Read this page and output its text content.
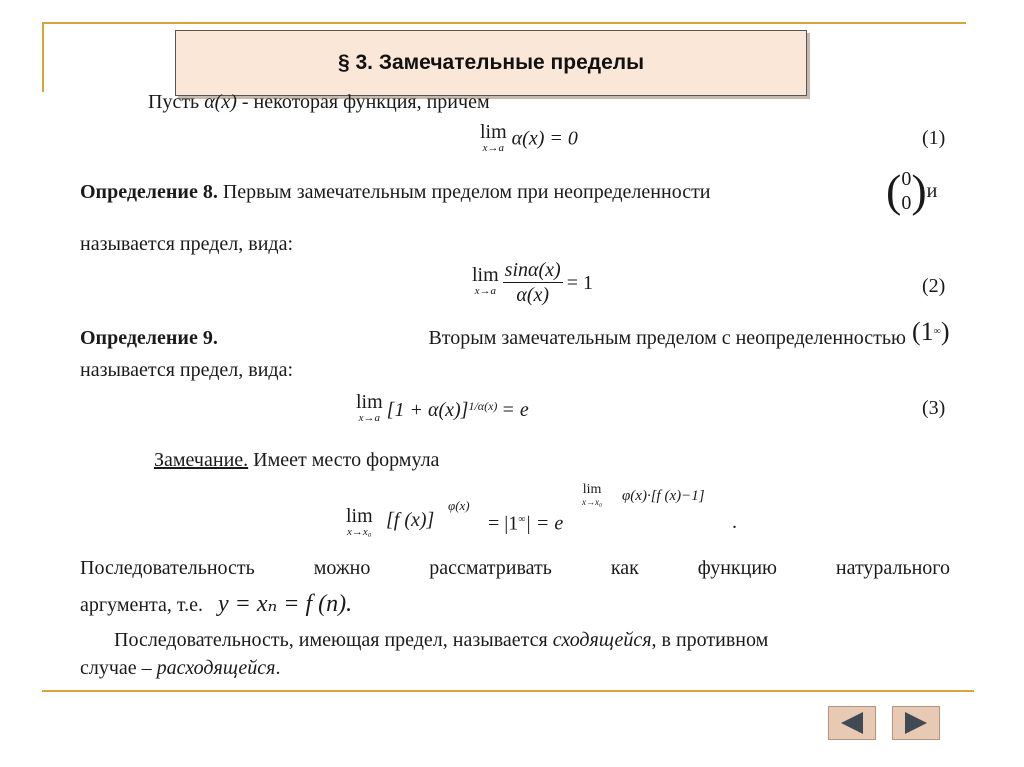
§ 3. Замечательные пределы
Пусть α(x) - некоторая функция, причем
lim
x→a α(x) = 0	(1)
Определение 8. Первым замечательным пределом при неопределенности	( 0
0 ) и
называется предел, вида:
lim
$x\to a \frac{\sin\alpha(x)}{\alpha(x)} = 1$	(2)
Определение 9.	Вторым замечательным пределом с неопределенностью (1 ∞ )
называется предел, вида:
lim
x→a $[1 + \alpha(x)]^{1/\alpha(x)} = e$	(3)
Замечание. Имеет место формула
lim
x→x₀
[f (x)]
φ(x)
= |1∞| = e
lim
x→x₀ φ(x)·[f (x)−1]
.
Последовательность	можно	рассматривать	как	функцию	натурального
аргумента, т.е. y = xₙ = f (n).
Последовательность, имеющая предел, называется сходящейся, в противном
случае – расходящейся.
